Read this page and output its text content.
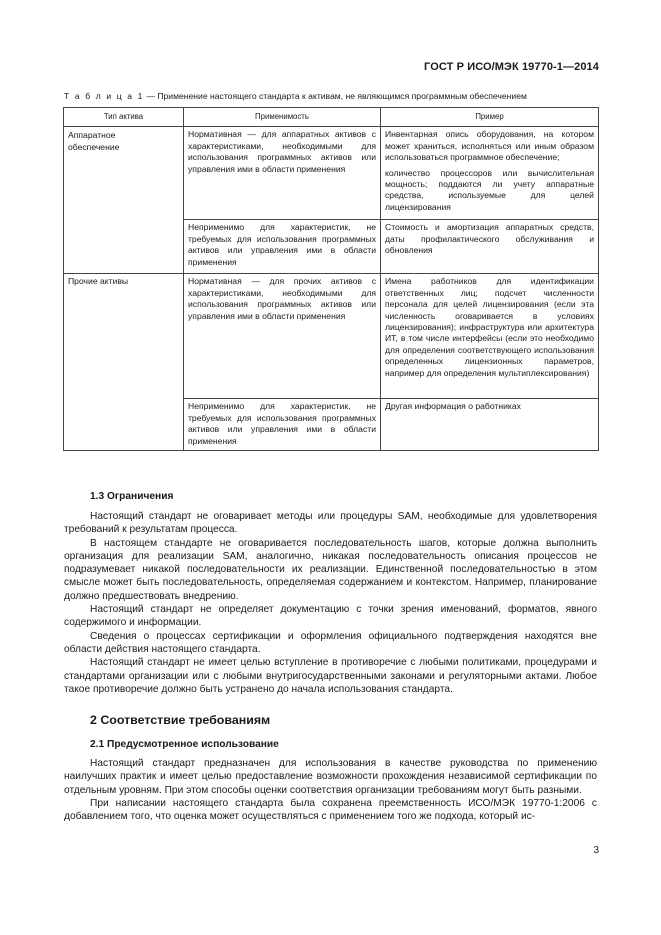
ГОСТ Р ИСО/МЭК 19770-1—2014
Т а б л и ц а 1 — Применение настоящего стандарта к активам, не являющимся программным обеспечением
Тип актива	Применимость	Пример

Аппаратное обеспечение	Нормативная — для аппаратных активов с характеристиками, необходимыми для использования программных активов или управления ими в области применения	Инвентарная опись оборудования, на котором может храниться, исполняться или иным образом использоваться программное обеспечение;

количество процессоров или вычислительная мощность; поддаются ли учету аппаратные средства, используемые для целей лицензирования

	Неприменимо для характеристик, не требуемых для использования программных активов или управления ими в области применения	Стоимость и амортизация аппаратных средств, даты профилактического обслуживания и обновления
Прочие активы	Нормативная — для прочих активов с характеристиками, необходимыми для использования программных активов или управления ими в области применения	Имена работников для идентификации ответственных лиц; подсчет численности персонала для целей лицензирования (если эта численность оговаривается в условиях лицензирования); инфраструктура или архитектура ИТ, в том числе интерфейсы (если это необходимо для определения соответствующего использования определенных лицензионных параметров, например для определения мультиплексирования)
	Неприменимо для характеристик, не требуемых для использования программных активов или управления ими в области применения	Другая информация о работниках
1.3 Ограничения

Настоящий стандарт не оговаривает методы или процедуры SAM, необходимые для удовлетворения требований к результатам процесса.

В настоящем стандарте не оговаривается последовательность шагов, которые должна выполнить организация для реализации SAM, аналогично, никакая последовательность описания процессов не подразумевает никакой последовательности их реализации. Единственной последовательностью в этом смысле может быть последовательность, определяемая содержанием и контекстом. Например, планирование должно предшествовать внедрению.

Настоящий стандарт не определяет документацию с точки зрения именований, форматов, явного содержимого и информации.

Сведения о процессах сертификации и оформления официального подтверждения находятся вне области действия настоящего стандарта.

Настоящий стандарт не имеет целью вступление в противоречие с любыми политиками, процедурами и стандартами организации или с любыми внутригосударственными законами и регуляторными актами. Любое такое противоречие должно быть устранено до начала использования стандарта.

2 Соответствие требованиям
2.1 Предусмотренное использование

Настоящий стандарт предназначен для использования в качестве руководства по применению наилучших практик и имеет целью предоставление возможности прохождения независимой сертификации по отдельным уровням. При этом способы оценки соответствия организации требованиям могут быть разными.

При написании настоящего стандарта была сохранена преемственность ИСО/МЭК 19770-1:2006 с добавлением того, что оценка может осуществляться с применением того же подхода, который ис-

3
